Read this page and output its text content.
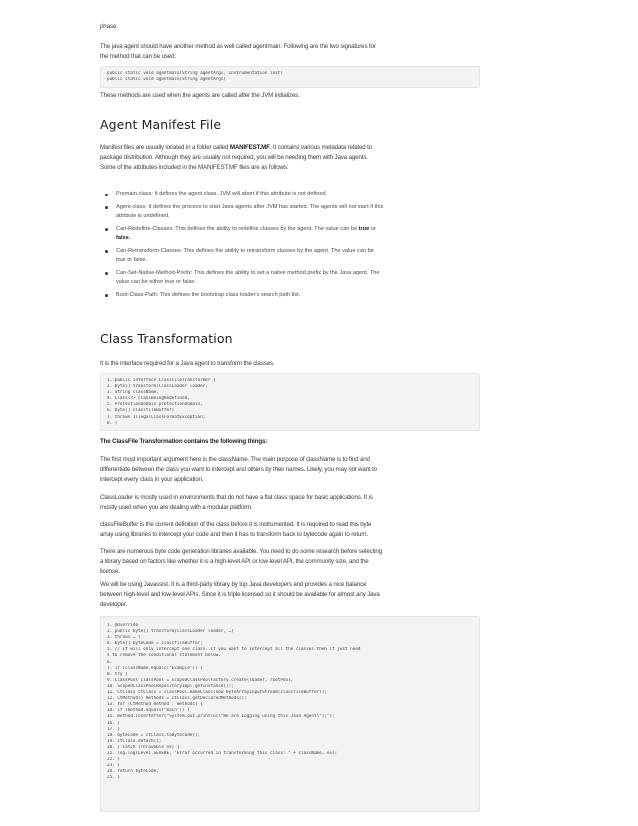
phase.

The java agent should have another method as well called agentmain. Following are the two signatures for the method that can be used:

public static void agentmain(String agentArgs, Instrumentation inst)
public static void agentmain(String agentArgs)

These methods are used when the agents are called after the JVM initializes.

Agent Manifest File

Manifest files are usually located in a folder called MANIFEST.MF. It contains various metadata related to package distribution. Although they are usually not required, you will be needing them with Java agents. Some of the attributes included in the MANIFEST.MF files are as follows:

Premain-class: It defines the agent class. JVM will abort if this attribute is not defined.
Agent-class: It defines the process to start Java agents after JVM has started. The agents will not start if this attribute is undefined.
Can-Redefine-Classes: This defines the ability to redefine classes by the agent. The value can be true or false.
Can-Retransform-Classes: This defines the ability to retransform classes by the agent. The value can be true or false.
Can-Set-Native-Method-Prefix: This defines the ability to set a native method prefix by the Java agent. The value can be either true or false.
Boot-Class-Path: This defines the bootstrap class loader's search path list.
Class Transformation

It is the interface required for a Java agent to transform the classes.

1. public interface ClassFileTransformer {
2. byte[] transform(ClassLoader loader,
3. String className,
4. Class<?> classBeingRedefined,
5. ProtectionDomain protectionDomain,
6. byte[] classfileBuffer)
7. throws IllegalClassFormatException;
8. }

The ClassFile Transformation contains the following things:

The first most important argument here is the className. The main purpose of className is to find and differentiate between the class you want to intercept and others by their names. Likely, you may not want to intercept every class in your application.

ClassLoader is mostly used in environments that do not have a flat class space for basic applications. It is mostly used when you are dealing with a modular platform.

classFileBuffer is the current definition of the class before it is instrumented. It is required to read this byte array using libraries to intercept your code and then it has to transform back to bytecode again to return.

There are numerous byte code generation libraries available. You need to do some research before selecting a library based on factors like whether it is a high-level API or low-level API, the community size, and the license.

We will be using Javassist. It is a third-party library by top Java developers and provides a nice balance between high-level and low-level APIs. Since it is triple licensed so it should be available for almost any Java developer.

1. @Override
2. public byte[] transform(ClassLoader loader, …)
3. throws … {
4. byte[] byteCode = classfileBuffer;
5. // It will only intercept one class. If you want to intercept all the classes then it just need
s to remove the conditional statement below.
6.
7. if (className.equals("Example")) {
8. try {
9. ClassPool classPool = scopedClassPoolFactory.create(loader, rootPool,
10. ScopedClassPoolRepositoryImpl.getInstance());
11. CtClass ctClass = classPool.makeClass(new ByteArrayInputStream(classfileBuffer));
12. CtMethod[] methods = ctClass.getDeclaredMethods();
13. for (CtMethod method : methods) {
14. if (method.equals("main")) {
15. method.insertAfter("System.out.println(\"We are Logging using this Java Agent\");");
16. }
17. }
18. byteCode = ctClass.toBytecode();
19. ctClass.detach();
20. } catch (Throwable ex) {
21. log.log(Level.SEVERE, "Error occurred in transforming this class: " + className, ex);
22. }
23. }
24. return byteCode;
25. }
